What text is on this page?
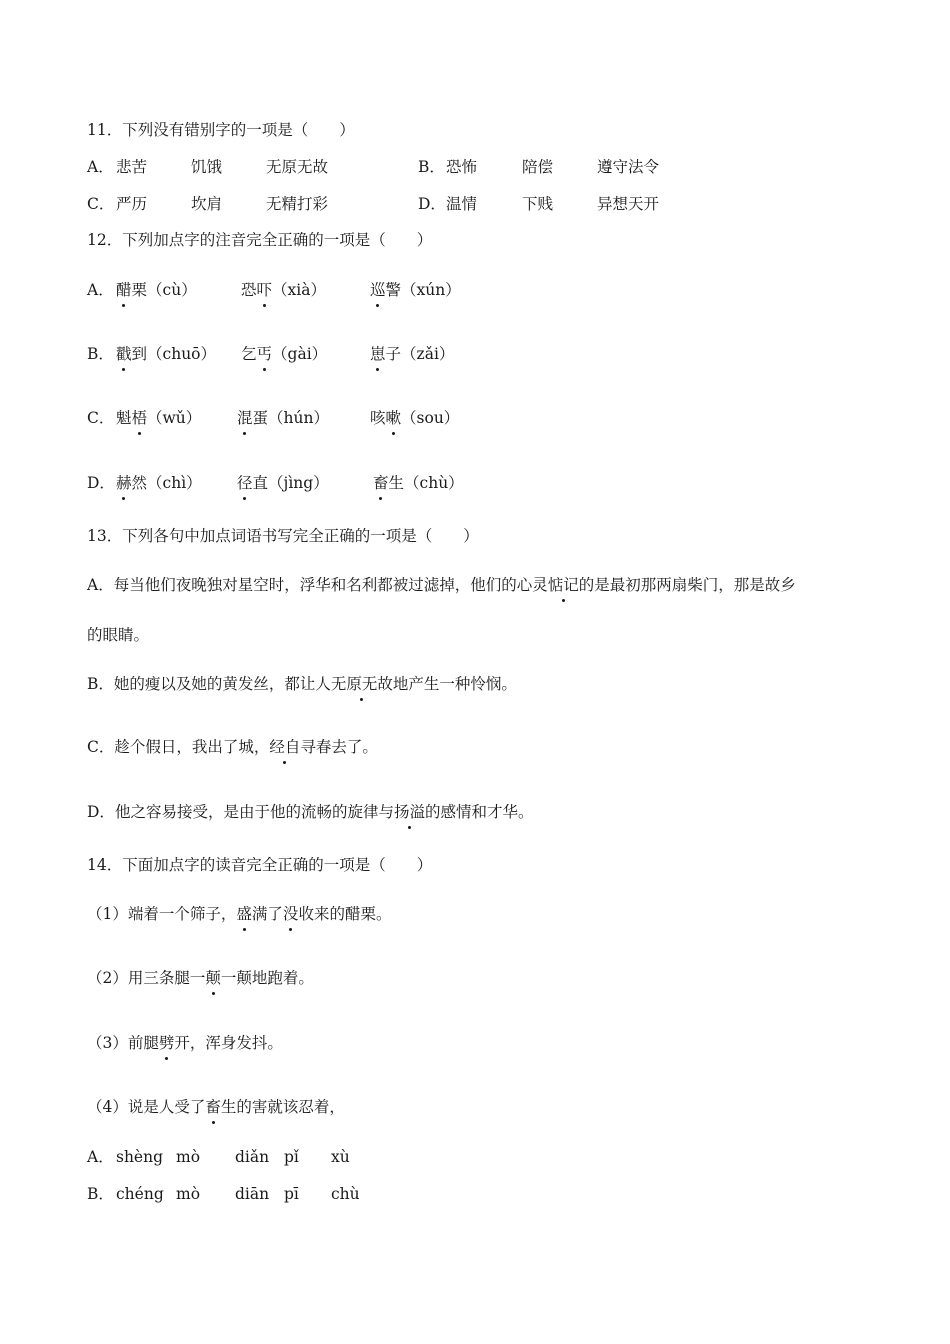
11．下列没有错别字的一项是（　　）
A． 悲苦	饥饿	无原无故	B． 恐怖	陪偿	遵守法令
C． 严历	坎肩	无精打彩	D． 温情	下贱	异想天开
12．下列加点字的注音完全正确的一项是（　　）
A． 醋栗（cù）	恐吓（xià）	巡警（xún）
B． 戳到（chuō） 乞丐（gài）	崽子（zǎi）
C． 魁梧（wǔ） 混蛋（hún）	咳嗽（sou）
D． 赫然（chì） 径直（jìng）	畜生（chù）
13．下列各句中加点词语书写完全正确的一项是（　　）
A．每当他们夜晚独对星空时，浮华和名利都被过滤掉，他们的心灵惦记的是最初那两扇柴门，那是故乡
的眼睛。
B．她的瘦以及她的黄发丝，都让人无原无故地产生一种怜悯。
C．趁个假日，我出了城，经自寻春去了。
D．他之容易接受，是由于他的流畅的旋律与扬溢的感情和才华。
14．下面加点字的读音完全正确的一项是（　　）
（1）端着一个筛子，盛满了没收来的醋栗。
（2）用三条腿一颠一颠地跑着。
（3）前腿劈开，浑身发抖。
（4）说是人受了畜生的害就该忍着，
A． shèng mò diǎn pǐ xù
B． chéng mò diān pī chù
